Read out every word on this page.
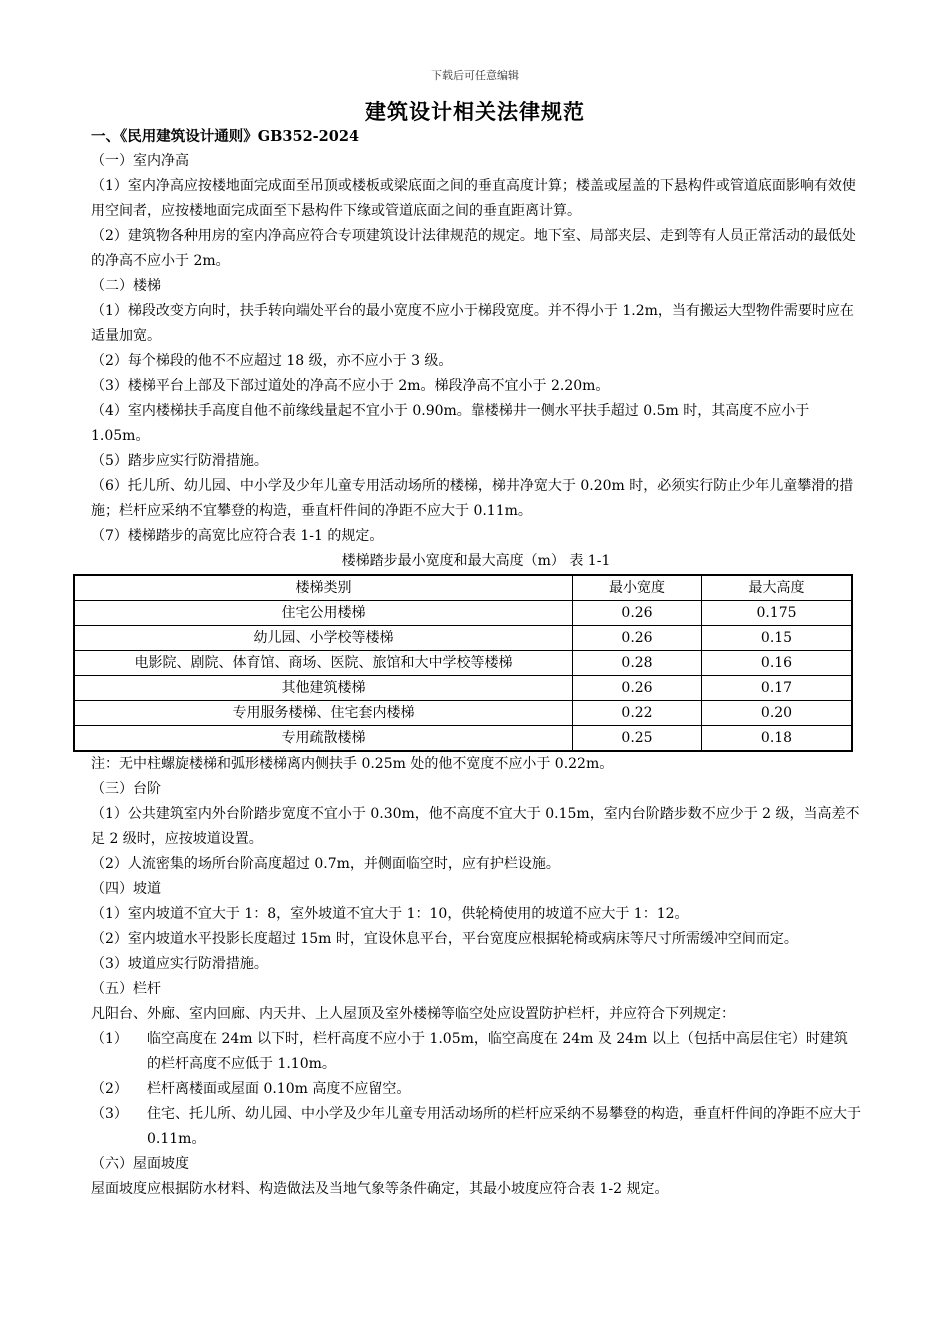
下载后可任意编辑
建筑设计相关法律规范

一、《民用建筑设计通则》GB352-2024

（一）室内净高

（1）室内净高应按楼地面完成面至吊顶或楼板或梁底面之间的垂直高度计算；楼盖或屋盖的下悬构件或管道底面影响有效使用空间者，应按楼地面完成面至下悬构件下缘或管道底面之间的垂直距离计算。

（2）建筑物各种用房的室内净高应符合专项建筑设计法律规范的规定。地下室、局部夹层、走到等有人员正常活动的最低处的净高不应小于 2m。

（二）楼梯

（1）梯段改变方向时，扶手转向端处平台的最小宽度不应小于梯段宽度。并不得小于 1.2m，当有搬运大型物件需要时应在适量加宽。

（2）每个梯段的他不不应超过 18 级，亦不应小于 3 级。

（3）楼梯平台上部及下部过道处的净高不应小于 2m。梯段净高不宜小于 2.20m。

（4）室内楼梯扶手高度自他不前缘线量起不宜小于 0.90m。靠楼梯井一侧水平扶手超过 0.5m 时，其高度不应小于 1.05m。

（5）踏步应实行防滑措施。

（6）托儿所、幼儿园、中小学及少年儿童专用活动场所的楼梯，梯井净宽大于 0.20m 时，必须实行防止少年儿童攀滑的措施；栏杆应采纳不宜攀登的构造，垂直杆件间的净距不应大于 0.11m。

（7）楼梯踏步的高宽比应符合表 1-1 的规定。

楼梯踏步最小宽度和最大高度（m） 表 1-1

楼梯类别	最小宽度	最大高度
住宅公用楼梯	0.26	0.175
幼儿园、小学校等楼梯	0.26	0.15
电影院、剧院、体育馆、商场、医院、旅馆和大中学校等楼梯	0.28	0.16
其他建筑楼梯	0.26	0.17
专用服务楼梯、住宅套内楼梯	0.22	0.20
专用疏散楼梯	0.25	0.18

注：无中柱螺旋楼梯和弧形楼梯离内侧扶手 0.25m 处的他不宽度不应小于 0.22m。

（三）台阶

（1）公共建筑室内外台阶踏步宽度不宜小于 0.30m，他不高度不宜大于 0.15m，室内台阶踏步数不应少于 2 级，当高差不足 2 级时，应按坡道设置。

（2）人流密集的场所台阶高度超过 0.7m，并侧面临空时，应有护栏设施。

（四）坡道

（1）室内坡道不宜大于 1：8，室外坡道不宜大于 1：10，供轮椅使用的坡道不应大于 1：12。

（2）室内坡道水平投影长度超过 15m 时，宜设休息平台，平台宽度应根据轮椅或病床等尺寸所需缓冲空间而定。

（3）坡道应实行防滑措施。

（五）栏杆

凡阳台、外廊、室内回廊、内天井、上人屋顶及室外楼梯等临空处应设置防护栏杆，并应符合下列规定：

（1）	临空高度在 24m 以下时，栏杆高度不应小于 1.05m，临空高度在 24m 及 24m 以上（包括中高层住宅）时建筑的栏杆高度不应低于 1.10m。
（2）	栏杆离楼面或屋面 0.10m 高度不应留空。
（3）	住宅、托儿所、幼儿园、中小学及少年儿童专用活动场所的栏杆应采纳不易攀登的构造，垂直杆件间的净距不应大于 0.11m。

（六）屋面坡度

屋面坡度应根据防水材料、构造做法及当地气象等条件确定，其最小坡度应符合表 1-2 规定。
